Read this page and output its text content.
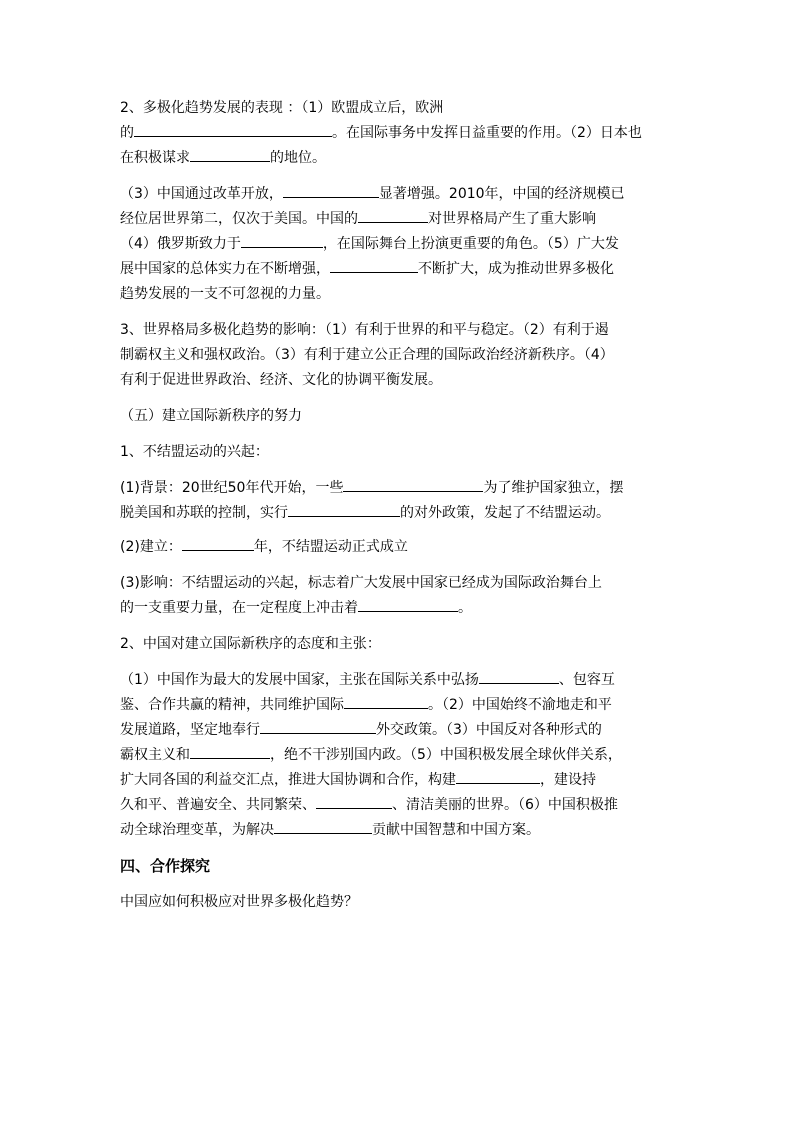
2、多极化趋势发展的表现 ：（1）欧盟成立后，欧洲
的	。在国际事务中发挥日益重要的作用。（2）日本也
在积极谋求	的地位。

（3）中国通过改革开放，	显著增强。2010年，中国的经济规模已
经位居世界第二，仅次于美国。中国的	对世界格局产生了重大影响
（4）俄罗斯致力于	，在国际舞台上扮演更重要的角色。（5）广大发
展中国家的总体实力在不断增强，	不断扩大，成为推动世界多极化
趋势发展的一支不可忽视的力量。

3、世界格局多极化趋势的影响：（1）有利于世界的和平与稳定。（2）有利于遏
制霸权主义和强权政治。（3）有利于建立公正合理的国际政治经济新秩序。（4）
有利于促进世界政治、经济、文化的协调平衡发展。

（五）建立国际新秩序的努力

1、不结盟运动的兴起：

(1)背景：20世纪50年代开始，一些	为了维护国家独立，摆
脱美国和苏联的控制，实行	的对外政策，发起了不结盟运动。

(2)建立：	年，不结盟运动正式成立

(3)影响：不结盟运动的兴起，标志着广大发展中国家已经成为国际政治舞台上
的一支重要力量，在一定程度上冲击着	。

2、中国对建立国际新秩序的态度和主张：

（1）中国作为最大的发展中国家，主张在国际关系中弘扬	、包容互
鉴、合作共赢的精神，共同维护国际	。（2）中国始终不渝地走和平
发展道路，坚定地奉行	外交政策。（3）中国反对各种形式的
霸权主义和	，绝不干涉别国内政。（5）中国积极发展全球伙伴关系，
扩大同各国的利益交汇点，推进大国协调和合作，构建	，建设持
久和平、普遍安全、共同繁荣、	、清洁美丽的世界。（6）中国积极推
动全球治理变革，为解决	贡献中国智慧和中国方案。

四、合作探究

中国应如何积极应对世界多极化趋势？
